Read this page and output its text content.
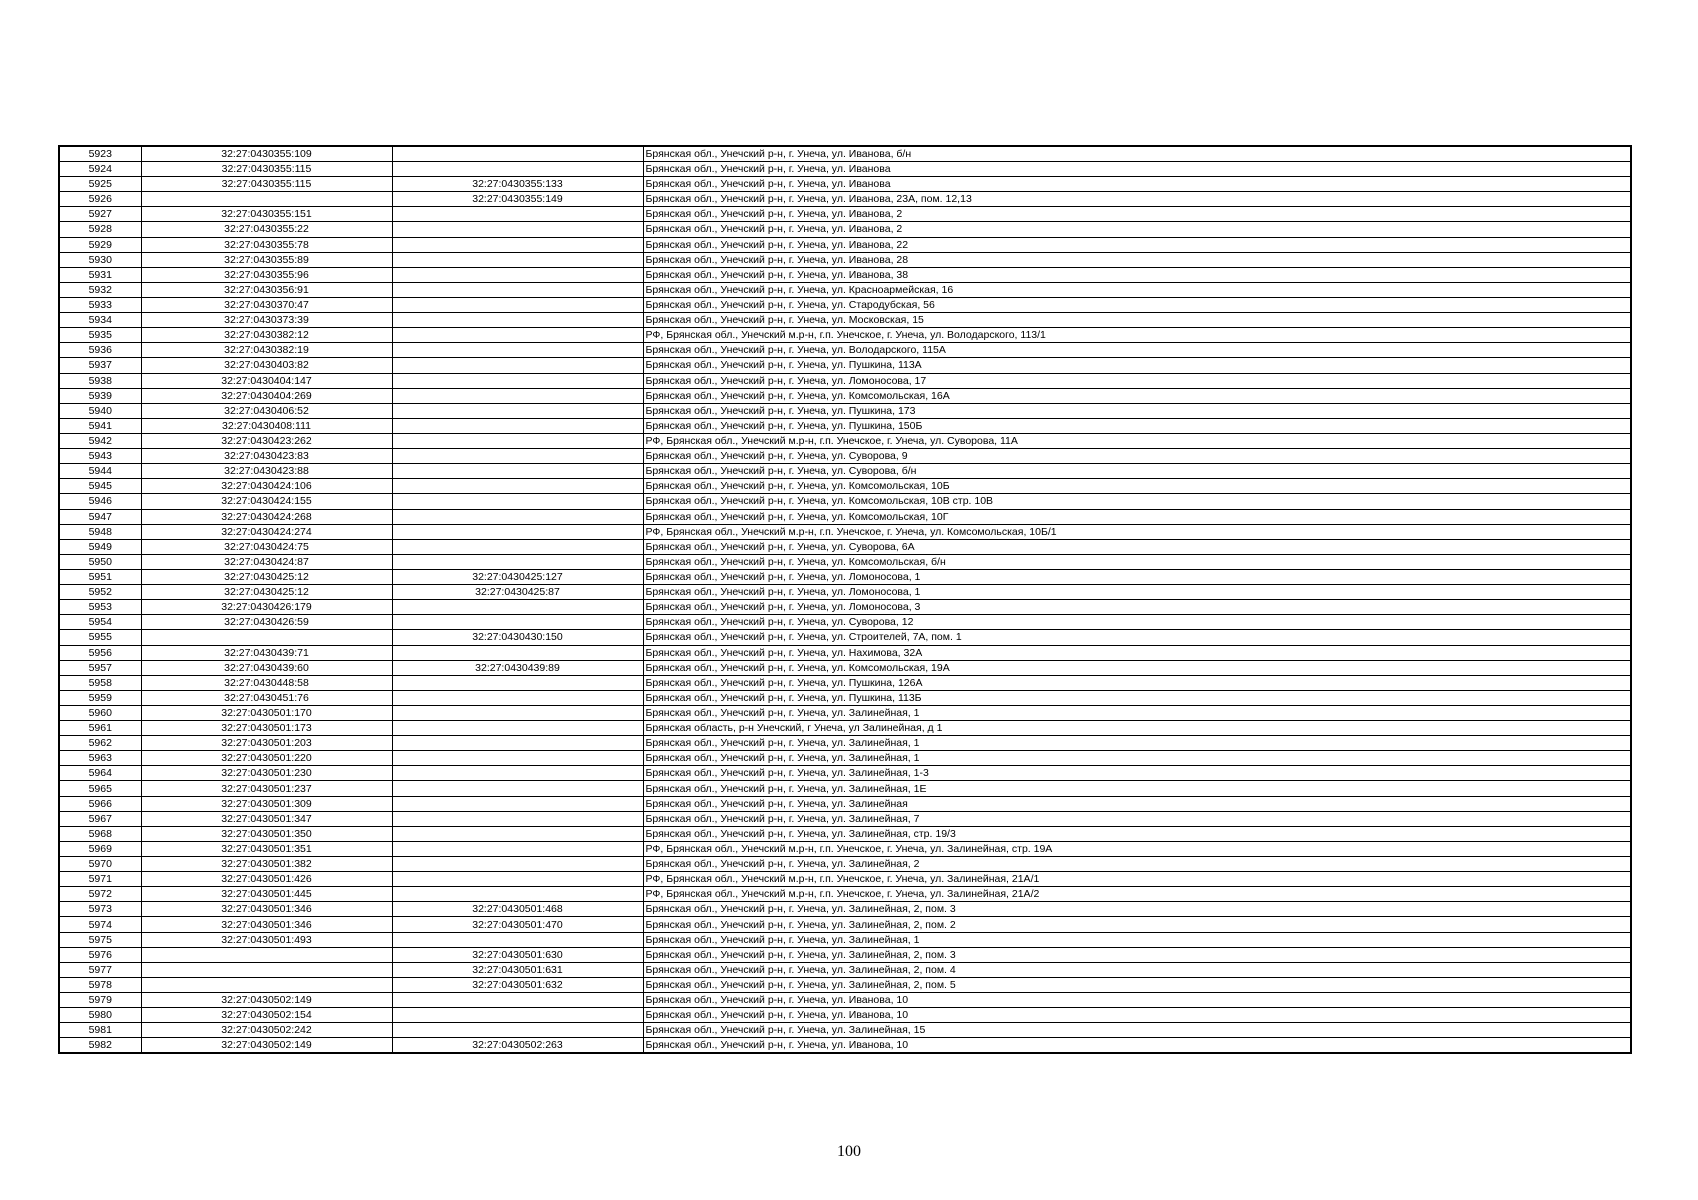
5923	32:27:0430355:109		Брянская обл., Унечский р-н, г. Унеча, ул. Иванова, б/н
5924	32:27:0430355:115		Брянская обл., Унечский р-н, г. Унеча, ул. Иванова
5925	32:27:0430355:115	32:27:0430355:133	Брянская обл., Унечский р-н, г. Унеча, ул. Иванова
5926		32:27:0430355:149	Брянская обл., Унечский р-н, г. Унеча, ул. Иванова, 23А, пом. 12,13
5927	32:27:0430355:151		Брянская обл., Унечский р-н, г. Унеча, ул. Иванова, 2
5928	32:27:0430355:22		Брянская обл., Унечский р-н, г. Унеча, ул. Иванова, 2
5929	32:27:0430355:78		Брянская обл., Унечский р-н, г. Унеча, ул. Иванова, 22
5930	32:27:0430355:89		Брянская обл., Унечский р-н, г. Унеча, ул. Иванова, 28
5931	32:27:0430355:96		Брянская обл., Унечский р-н, г. Унеча, ул. Иванова, 38
5932	32:27:0430356:91		Брянская обл., Унечский р-н, г. Унеча, ул. Красноармейская, 16
5933	32:27:0430370:47		Брянская обл., Унечский р-н, г. Унеча, ул. Стародубская, 56
5934	32:27:0430373:39		Брянская обл., Унечский р-н, г. Унеча, ул. Московская, 15
5935	32:27:0430382:12		РФ, Брянская обл., Унечский м.р-н, г.п. Унечское, г. Унеча, ул. Володарского, 113/1
5936	32:27:0430382:19		Брянская обл., Унечский р-н, г. Унеча, ул. Володарского, 115А
5937	32:27:0430403:82		Брянская обл., Унечский р-н, г. Унеча, ул. Пушкина, 113А
5938	32:27:0430404:147		Брянская обл., Унечский р-н, г. Унеча, ул. Ломоносова, 17
5939	32:27:0430404:269		Брянская обл., Унечский р-н, г. Унеча, ул. Комсомольская, 16А
5940	32:27:0430406:52		Брянская обл., Унечский р-н, г. Унеча, ул. Пушкина, 173
5941	32:27:0430408:111		Брянская обл., Унечский р-н, г. Унеча, ул. Пушкина, 150Б
5942	32:27:0430423:262		РФ, Брянская обл., Унечский м.р-н, г.п. Унечское, г. Унеча, ул. Суворова, 11А
5943	32:27:0430423:83		Брянская обл., Унечский р-н, г. Унеча, ул. Суворова, 9
5944	32:27:0430423:88		Брянская обл., Унечский р-н, г. Унеча, ул. Суворова, б/н
5945	32:27:0430424:106		Брянская обл., Унечский р-н, г. Унеча, ул. Комсомольская, 10Б
5946	32:27:0430424:155		Брянская обл., Унечский р-н, г. Унеча, ул. Комсомольская, 10В стр. 10В
5947	32:27:0430424:268		Брянская обл., Унечский р-н, г. Унеча, ул. Комсомольская, 10Г
5948	32:27:0430424:274		РФ, Брянская обл., Унечский м.р-н, г.п. Унечское, г. Унеча, ул. Комсомольская, 10Б/1
5949	32:27:0430424:75		Брянская обл., Унечский р-н, г. Унеча, ул. Суворова, 6А
5950	32:27:0430424:87		Брянская обл., Унечский р-н, г. Унеча, ул. Комсомольская, б/н
5951	32:27:0430425:12	32:27:0430425:127	Брянская обл., Унечский р-н, г. Унеча, ул. Ломоносова, 1
5952	32:27:0430425:12	32:27:0430425:87	Брянская обл., Унечский р-н, г. Унеча, ул. Ломоносова, 1
5953	32:27:0430426:179		Брянская обл., Унечский р-н, г. Унеча, ул. Ломоносова, 3
5954	32:27:0430426:59		Брянская обл., Унечский р-н, г. Унеча, ул. Суворова, 12
5955		32:27:0430430:150	Брянская обл., Унечский р-н, г. Унеча, ул. Строителей, 7А, пом. 1
5956	32:27:0430439:71		Брянская обл., Унечский р-н, г. Унеча, ул. Нахимова, 32А
5957	32:27:0430439:60	32:27:0430439:89	Брянская обл., Унечский р-н, г. Унеча, ул. Комсомольская, 19А
5958	32:27:0430448:58		Брянская обл., Унечский р-н, г. Унеча, ул. Пушкина, 126А
5959	32:27:0430451:76		Брянская обл., Унечский р-н, г. Унеча, ул. Пушкина, 113Б
5960	32:27:0430501:170		Брянская обл., Унечский р-н, г. Унеча, ул. Залинейная, 1
5961	32:27:0430501:173		Брянская область, р-н Унечский, г Унеча, ул Залинейная, д 1
5962	32:27:0430501:203		Брянская обл., Унечский р-н, г. Унеча, ул. Залинейная, 1
5963	32:27:0430501:220		Брянская обл., Унечский р-н, г. Унеча, ул. Залинейная, 1
5964	32:27:0430501:230		Брянская обл., Унечский р-н, г. Унеча, ул. Залинейная, 1-3
5965	32:27:0430501:237		Брянская обл., Унечский р-н, г. Унеча, ул. Залинейная, 1Е
5966	32:27:0430501:309		Брянская обл., Унечский р-н, г. Унеча, ул. Залинейная
5967	32:27:0430501:347		Брянская обл., Унечский р-н, г. Унеча, ул. Залинейная, 7
5968	32:27:0430501:350		Брянская обл., Унечский р-н, г. Унеча, ул. Залинейная, стр. 19/3
5969	32:27:0430501:351		РФ, Брянская обл., Унечский м.р-н, г.п. Унечское, г. Унеча, ул. Залинейная, стр. 19А
5970	32:27:0430501:382		Брянская обл., Унечский р-н, г. Унеча, ул. Залинейная, 2
5971	32:27:0430501:426		РФ, Брянская обл., Унечский м.р-н, г.п. Унечское, г. Унеча, ул. Залинейная, 21А/1
5972	32:27:0430501:445		РФ, Брянская обл., Унечский м.р-н, г.п. Унечское, г. Унеча, ул. Залинейная, 21А/2
5973	32:27:0430501:346	32:27:0430501:468	Брянская обл., Унечский р-н, г. Унеча, ул. Залинейная, 2, пом. 3
5974	32:27:0430501:346	32:27:0430501:470	Брянская обл., Унечский р-н, г. Унеча, ул. Залинейная, 2, пом. 2
5975	32:27:0430501:493		Брянская обл., Унечский р-н, г. Унеча, ул. Залинейная, 1
5976		32:27:0430501:630	Брянская обл., Унечский р-н, г. Унеча, ул. Залинейная, 2, пом. 3
5977		32:27:0430501:631	Брянская обл., Унечский р-н, г. Унеча, ул. Залинейная, 2, пом. 4
5978		32:27:0430501:632	Брянская обл., Унечский р-н, г. Унеча, ул. Залинейная, 2, пом. 5
5979	32:27:0430502:149		Брянская обл., Унечский р-н, г. Унеча, ул. Иванова, 10
5980	32:27:0430502:154		Брянская обл., Унечский р-н, г. Унеча, ул. Иванова, 10
5981	32:27:0430502:242		Брянская обл., Унечский р-н, г. Унеча, ул. Залинейная, 15
5982	32:27:0430502:149	32:27:0430502:263	Брянская обл., Унечский р-н, г. Унеча, ул. Иванова, 10
100
